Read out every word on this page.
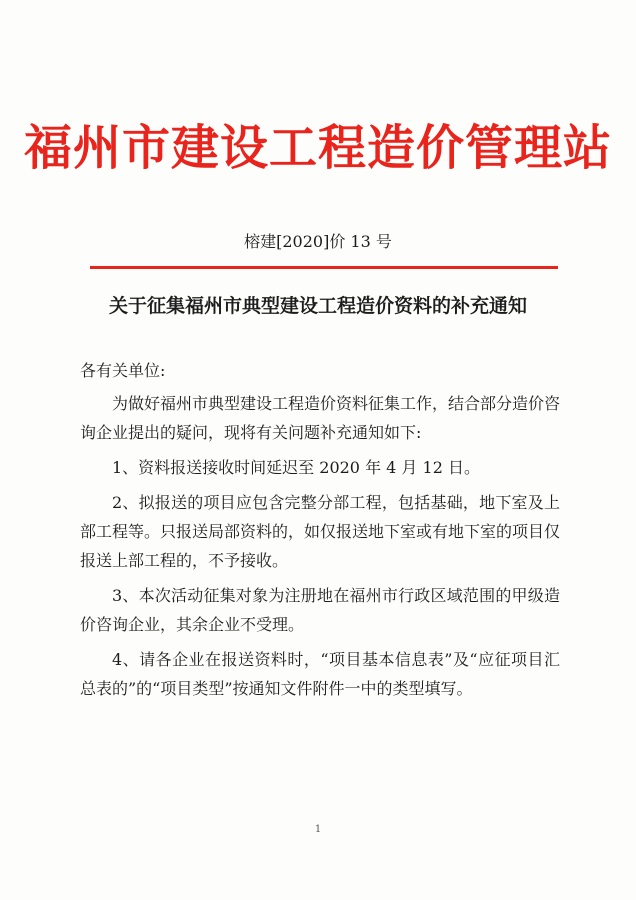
福州市建设工程造价管理站
榕建[2020]价 13 号
关于征集福州市典型建设工程造价资料的补充通知
各有关单位:

为做好福州市典型建设工程造价资料征集工作，结合部分造价咨询企业提出的疑问，现将有关问题补充通知如下:

1、资料报送接收时间延迟至 2020 年 4 月 12 日。

2、拟报送的项目应包含完整分部工程，包括基础，地下室及上部工程等。只报送局部资料的，如仅报送地下室或有地下室的项目仅报送上部工程的，不予接收。

3、本次活动征集对象为注册地在福州市行政区域范围的甲级造价咨询企业，其余企业不受理。

4、请各企业在报送资料时，“项目基本信息表”及“应征项目汇总表的”的“项目类型”按通知文件附件一中的类型填写。

1
